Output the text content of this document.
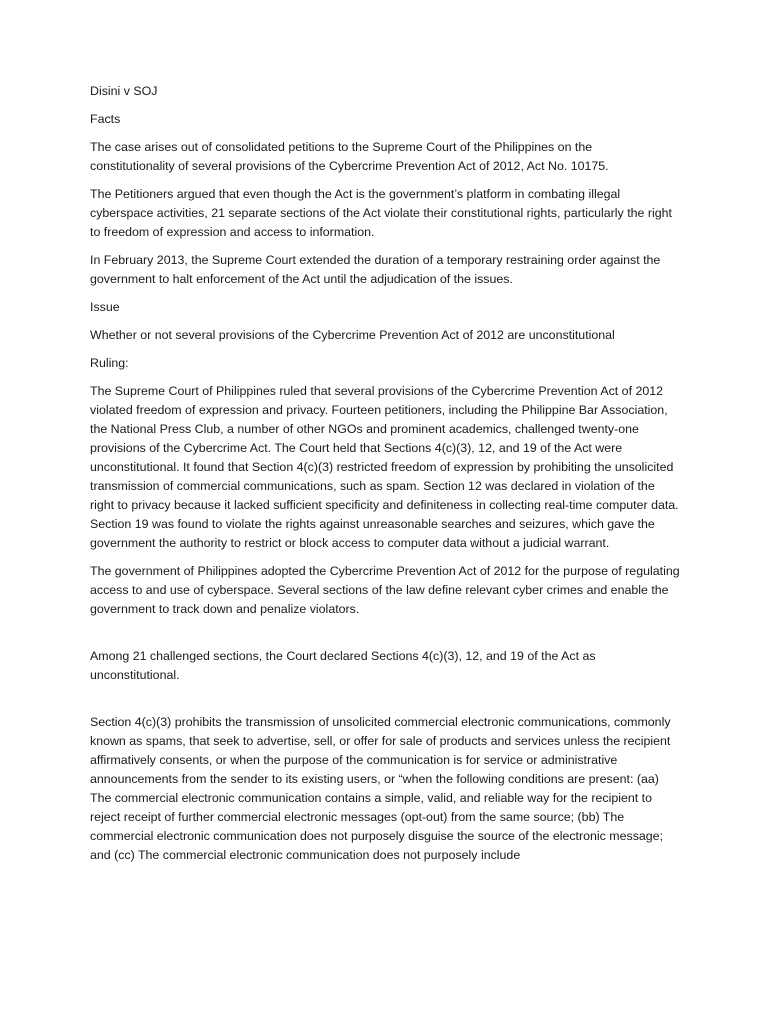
Disini v SOJ

Facts

The case arises out of consolidated petitions to the Supreme Court of the Philippines on the constitutionality of several provisions of the Cybercrime Prevention Act of 2012, Act No. 10175.

The Petitioners argued that even though the Act is the government’s platform in combating illegal cyberspace activities, 21 separate sections of the Act violate their constitutional rights, particularly the right to freedom of expression and access to information.

In February 2013, the Supreme Court extended the duration of a temporary restraining order against the government to halt enforcement of the Act until the adjudication of the issues.

Issue

Whether or not several provisions of the Cybercrime Prevention Act of 2012 are unconstitutional

Ruling:

The Supreme Court of Philippines ruled that several provisions of the Cybercrime Prevention Act of 2012 violated freedom of expression and privacy. Fourteen petitioners, including the Philippine Bar Association, the National Press Club, a number of other NGOs and prominent academics, challenged twenty-one provisions of the Cybercrime Act. The Court held that Sections 4(c)(3), 12, and 19 of the Act were unconstitutional. It found that Section 4(c)(3) restricted freedom of expression by prohibiting the unsolicited transmission of commercial communications, such as spam. Section 12 was declared in violation of the right to privacy because it lacked sufficient specificity and definiteness in collecting real-time computer data. Section 19 was found to violate the rights against unreasonable searches and seizures, which gave the government the authority to restrict or block access to computer data without a judicial warrant.

The government of Philippines adopted the Cybercrime Prevention Act of 2012 for the purpose of regulating access to and use of cyberspace. Several sections of the law define relevant cyber crimes and enable the government to track down and penalize violators.

Among 21 challenged sections, the Court declared Sections 4(c)(3), 12, and 19 of the Act as unconstitutional.

Section 4(c)(3) prohibits the transmission of unsolicited commercial electronic communications, commonly known as spams, that seek to advertise, sell, or offer for sale of products and services unless the recipient affirmatively consents, or when the purpose of the communication is for service or administrative announcements from the sender to its existing users, or “when the following conditions are present: (aa) The commercial electronic communication contains a simple, valid, and reliable way for the recipient to reject receipt of further commercial electronic messages (opt-out) from the same source; (bb) The commercial electronic communication does not purposely disguise the source of the electronic message; and (cc) The commercial electronic communication does not purposely include
